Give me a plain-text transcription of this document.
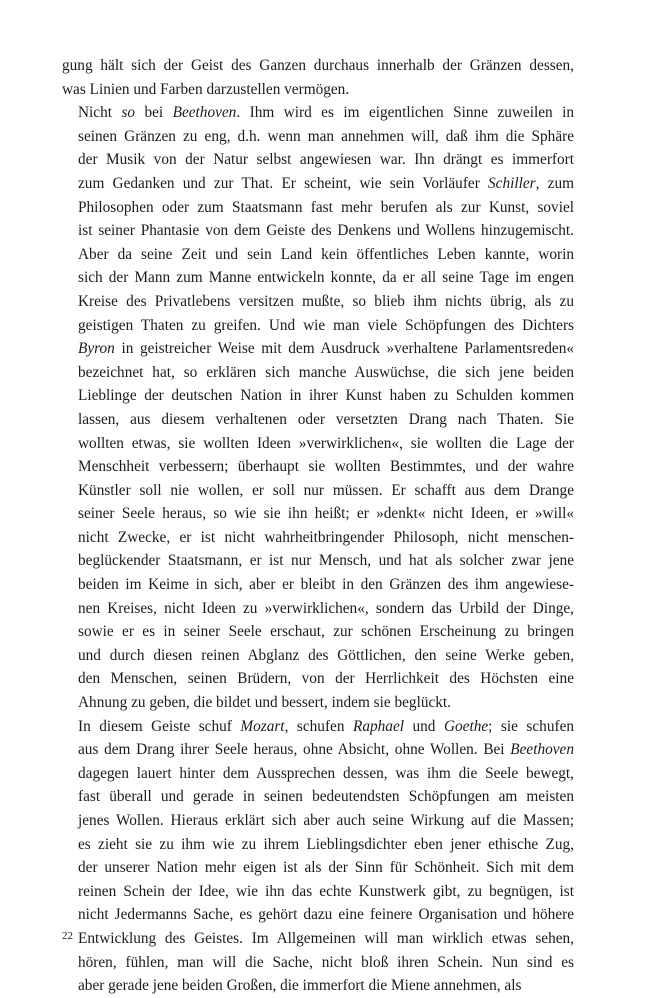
gung hält sich der Geist des Ganzen durchaus innerhalb der Gränzen dessen,
was Linien und Farben darzustellen vermögen.

Nicht so bei Beethoven. Ihm wird es im eigentlichen Sinne zuweilen in
seinen Gränzen zu eng, d.h. wenn man annehmen will, daß ihm die Sphäre
der Musik von der Natur selbst angewiesen war. Ihn drängt es immerfort
zum Gedanken und zur That. Er scheint, wie sein Vorläufer Schiller, zum
Philosophen oder zum Staatsmann fast mehr berufen als zur Kunst, soviel
ist seiner Phantasie von dem Geiste des Denkens und Wollens hinzugemischt.
Aber da seine Zeit und sein Land kein öffentliches Leben kannte, worin
sich der Mann zum Manne entwickeln konnte, da er all seine Tage im engen
Kreise des Privatlebens versitzen mußte, so blieb ihm nichts übrig, als zu
geistigen Thaten zu greifen. Und wie man viele Schöpfungen des Dichters
Byron in geistreicher Weise mit dem Ausdruck »verhaltene Parlamentsreden«
bezeichnet hat, so erklären sich manche Auswüchse, die sich jene beiden
Lieblinge der deutschen Nation in ihrer Kunst haben zu Schulden kommen
lassen, aus diesem verhaltenen oder versetzten Drang nach Thaten. Sie
wollten etwas, sie wollten Ideen »verwirklichen«, sie wollten die Lage der
Menschheit verbessern; überhaupt sie wollten Bestimmtes, und der wahre
Künstler soll nie wollen, er soll nur müssen. Er schafft aus dem Drange
seiner Seele heraus, so wie sie ihn heißt; er »denkt« nicht Ideen, er »will«
nicht Zwecke, er ist nicht wahrheitbringender Philosoph, nicht menschen-
beglückender Staatsmann, er ist nur Mensch, und hat als solcher zwar jene
beiden im Keime in sich, aber er bleibt in den Gränzen des ihm angewiese-
nen Kreises, nicht Ideen zu »verwirklichen«, sondern das Urbild der Dinge,
sowie er es in seiner Seele erschaut, zur schönen Erscheinung zu bringen
und durch diesen reinen Abglanz des Göttlichen, den seine Werke geben,
den Menschen, seinen Brüdern, von der Herrlichkeit des Höchsten eine
Ahnung zu geben, die bildet und bessert, indem sie beglückt.

In diesem Geiste schuf Mozart, schufen Raphael und Goethe; sie schufen
aus dem Drang ihrer Seele heraus, ohne Absicht, ohne Wollen. Bei Beethoven
dagegen lauert hinter dem Aussprechen dessen, was ihm die Seele bewegt,
fast überall und gerade in seinen bedeutendsten Schöpfungen am meisten
jenes Wollen. Hieraus erklärt sich aber auch seine Wirkung auf die Massen;
es zieht sie zu ihm wie zu ihrem Lieblingsdichter eben jener ethische Zug,
der unserer Nation mehr eigen ist als der Sinn für Schönheit. Sich mit dem
reinen Schein der Idee, wie ihn das echte Kunstwerk gibt, zu begnügen, ist
nicht Jedermanns Sache, es gehört dazu eine feinere Organisation und höhere
Entwicklung des Geistes. Im Allgemeinen will man wirklich etwas sehen,
hören, fühlen, man will die Sache, nicht bloß ihren Schein. Nun sind es
aber gerade jene beiden Großen, die immerfort die Miene annehmen, als

22
